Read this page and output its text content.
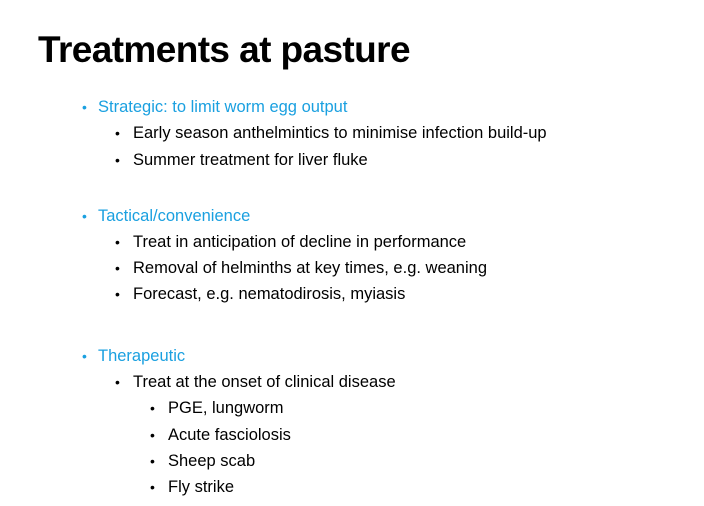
Treatments at pasture
• Strategic: to limit worm egg output
• Early season anthelmintics to minimise infection build-up
• Summer treatment for liver fluke
• Tactical/convenience
• Treat in anticipation of decline in performance
• Removal of helminths at key times, e.g. weaning
• Forecast, e.g. nematodirosis, myiasis
• Therapeutic
• Treat at the onset of clinical disease
• PGE, lungworm
• Acute fasciolosis
• Sheep scab
• Fly strike
